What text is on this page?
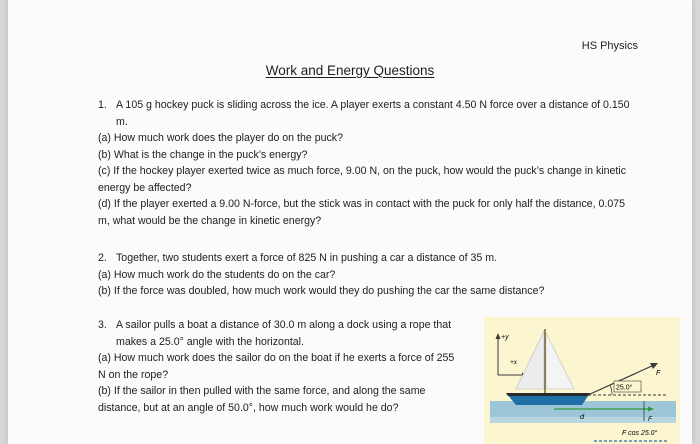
HS Physics
Work and Energy Questions

1. A 105 g hockey puck is sliding across the ice. A player exerts a constant 4.50 N force over a distance of 0.150 m.

(a) How much work does the player do on the puck?

(b) What is the change in the puck’s energy?

(c) If the hockey player exerted twice as much force, 9.00 N, on the puck, how would the puck’s change in kinetic energy be affected?

(d) If the player exerted a 9.00 N-force, but the stick was in contact with the puck for only half the distance, 0.075 m, what would be the change in kinetic energy?

2. Together, two students exert a force of 825 N in pushing a car a distance of 35 m.

(a) How much work do the students do on the car?

(b) If the force was doubled, how much work would they do pushing the car the same distance?

3. A sailor pulls a boat a distance of 30.0 m along a dock using a rope that makes a 25.0° angle with the horizontal.

(a) How much work does the sailor do on the boat if he exerts a force of 255 N on the rope?

(b) If the sailor in then pulled with the same force, and along the same distance, but at an angle of 50.0°, how much work would he do?

+y
+x
F
25.0°
d	F
F cos 25.0°
